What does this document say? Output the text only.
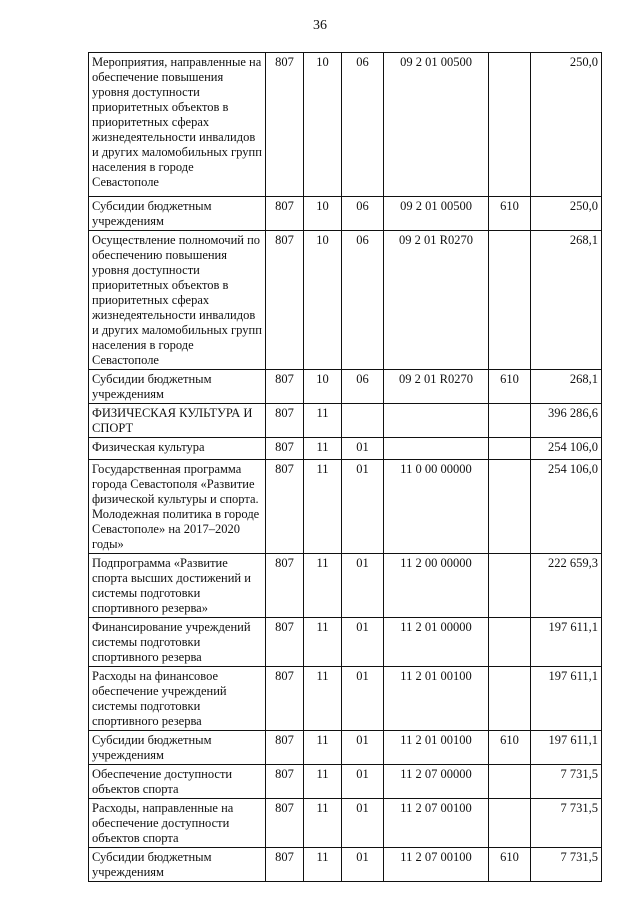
36
Мероприятия, направленные на обеспечение повышения уровня доступности приоритетных объектов в приоритетных сферах жизнедеятельности инвалидов и других маломобильных групп населения в городе Севастополе	807	10	06	09 2 01 00500		250,0
Субсидии бюджетным учреждениям	807	10	06	09 2 01 00500	610	250,0
Осуществление полномочий по обеспечению повышения уровня доступности приоритетных объектов в приоритетных сферах жизнедеятельности инвалидов и других маломобильных групп населения в городе Севастополе	807	10	06	09 2 01 R0270		268,1
Субсидии бюджетным учреждениям	807	10	06	09 2 01 R0270	610	268,1
ФИЗИЧЕСКАЯ КУЛЬТУРА И СПОРТ	807	11				396 286,6
Физическая культура	807	11	01			254 106,0
Государственная программа города Севастополя «Развитие физической культуры и спорта. Молодежная политика в городе Севастополе» на 2017–2020 годы»	807	11	01	11 0 00 00000		254 106,0
Подпрограмма «Развитие спорта высших достижений и системы подготовки спортивного резерва»	807	11	01	11 2 00 00000		222 659,3
Финансирование учреждений системы подготовки спортивного резерва	807	11	01	11 2 01 00000		197 611,1
Расходы на финансовое обеспечение учреждений системы подготовки спортивного резерва	807	11	01	11 2 01 00100		197 611,1
Субсидии бюджетным учреждениям	807	11	01	11 2 01 00100	610	197 611,1
Обеспечение доступности объектов спорта	807	11	01	11 2 07 00000		7 731,5
Расходы, направленные на обеспечение доступности объектов спорта	807	11	01	11 2 07 00100		7 731,5
Субсидии бюджетным учреждениям	807	11	01	11 2 07 00100	610	7 731,5
